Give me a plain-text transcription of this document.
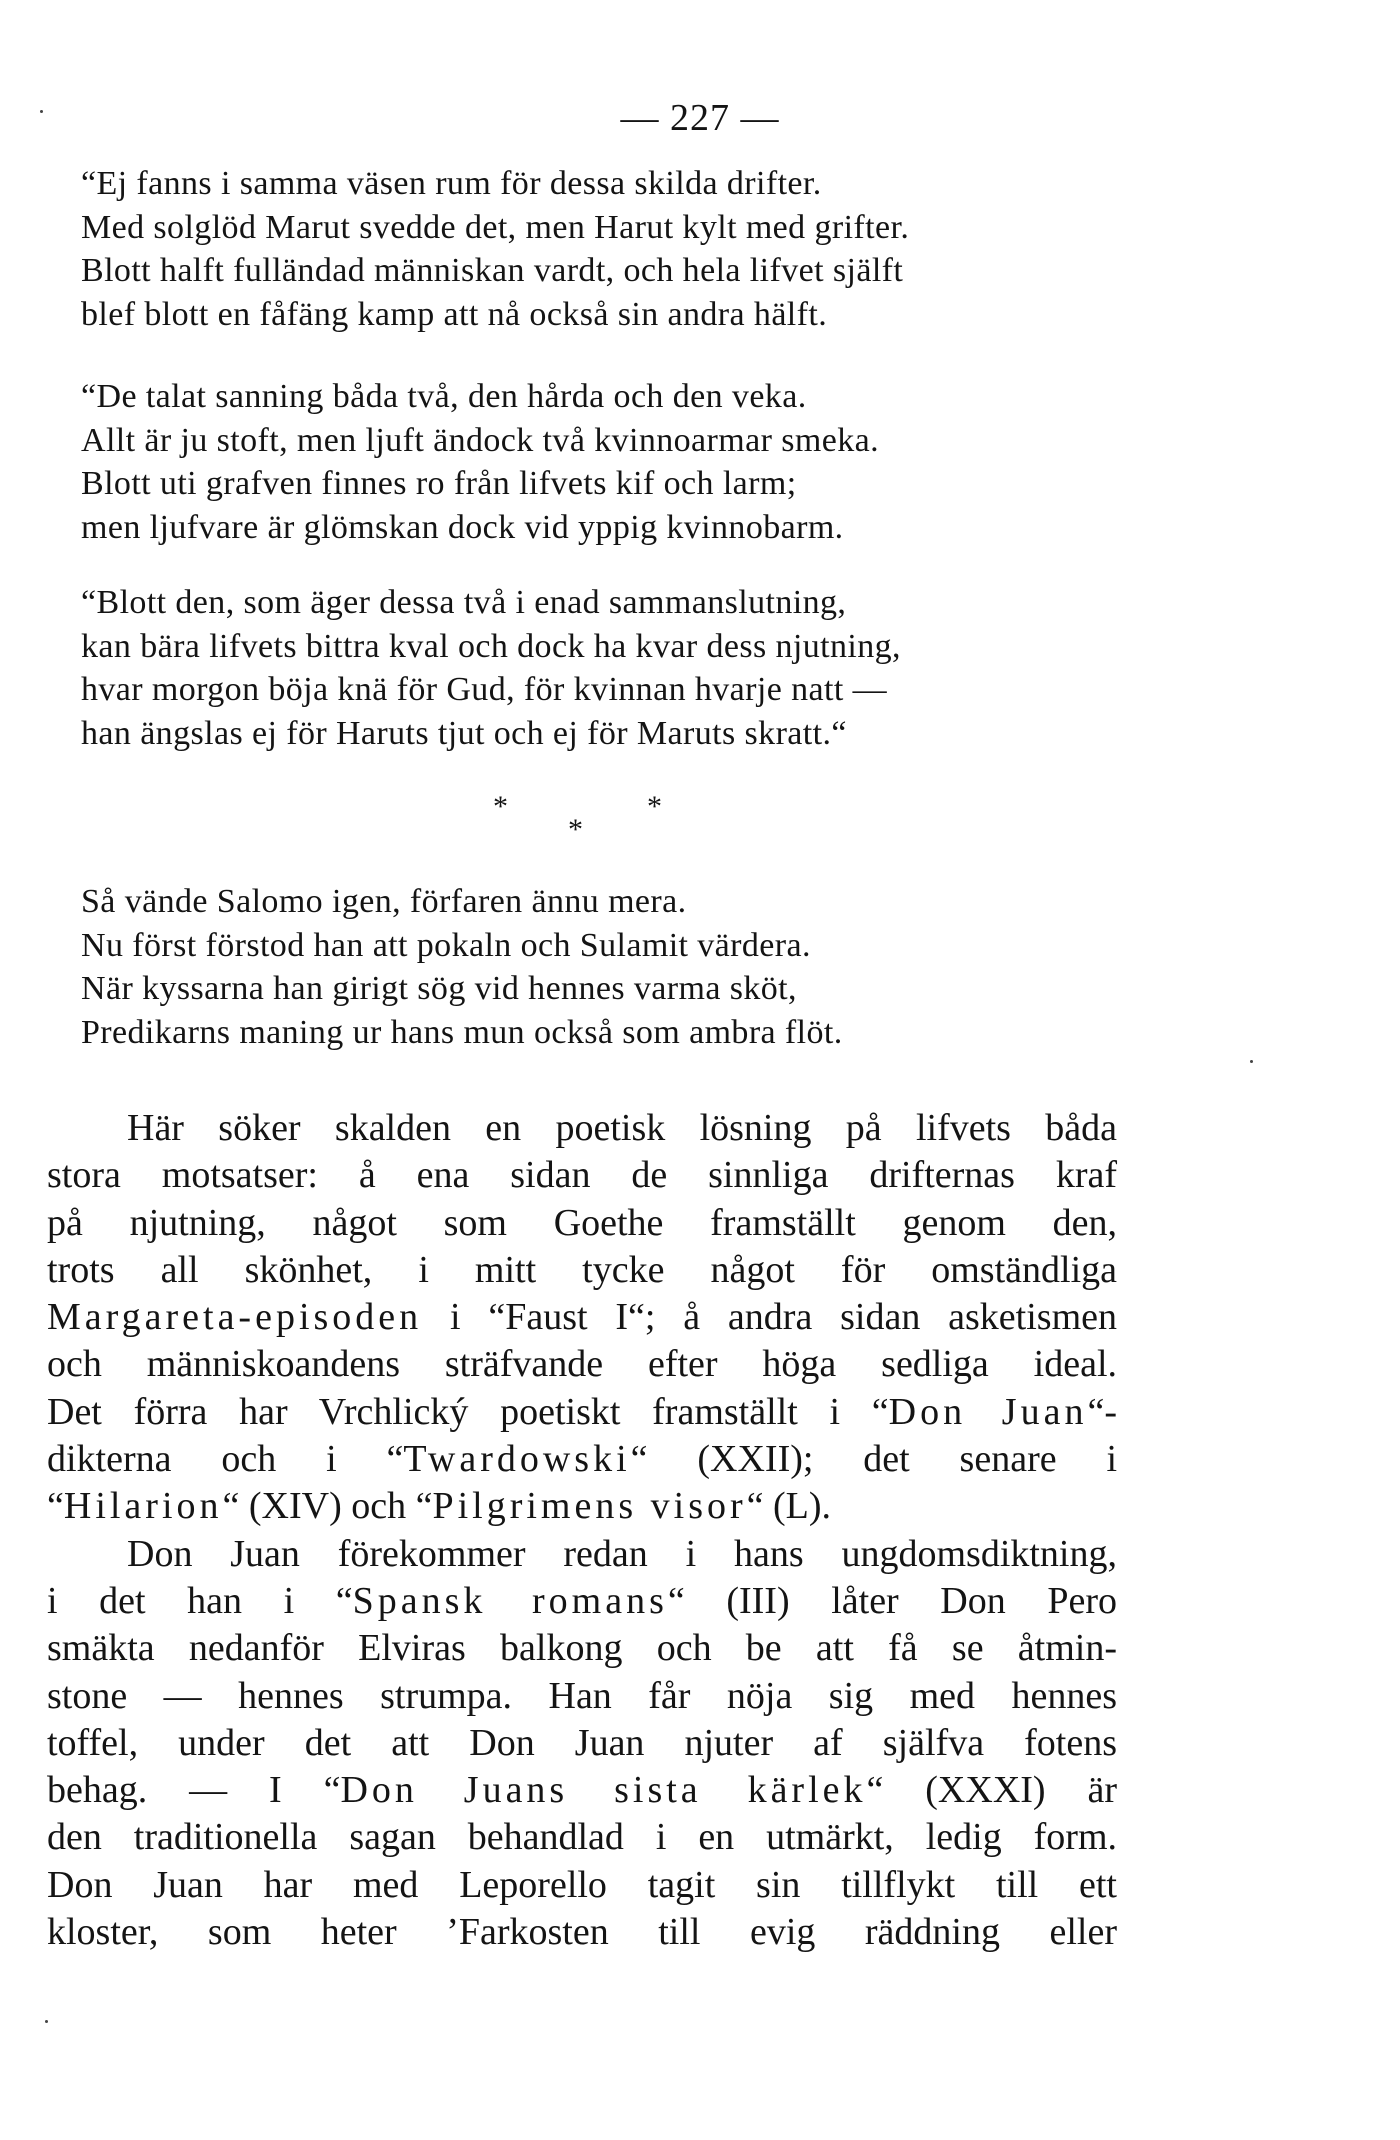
— 227 —
“Ej fanns i samma väsen rum för dessa skilda drifter.
Med solglöd Marut svedde det, men Harut kylt med grifter.
Blott halft fulländad människan vardt, och hela lifvet själft
blef blott en fåfäng kamp att nå också sin andra hälft.
“De talat sanning båda två, den hårda och den veka.
Allt är ju stoft, men ljuft ändock två kvinnoarmar smeka.
Blott uti grafven finnes ro från lifvets kif och larm;
men ljufvare är glömskan dock vid yppig kvinnobarm.
“Blott den, som äger dessa två i enad sammanslutning,
kan bära lifvets bittra kval och dock ha kvar dess njutning,
hvar morgon böja knä för Gud, för kvinnan hvarje natt —
han ängslas ej för Haruts tjut och ej för Maruts skratt.“
*	*
*
Så vände Salomo igen, förfaren ännu mera.
Nu först förstod han att pokaln och Sulamit värdera.
När kyssarna han girigt sög vid hennes varma sköt,
Predikarns maning ur hans mun också som ambra flöt.
Här söker skalden en poetisk lösning på lifvets båda
stora motsatser: å ena sidan de sinnliga drifternas kraf
på njutning, något som Goethe framställt genom den,
trots all skönhet, i mitt tycke något för omständliga
Margareta-episoden i “Faust I“; å andra sidan asketismen
och människoandens sträfvande efter höga sedliga ideal.
Det förra har Vrchlický poetiskt framställt i “Don Juan“-
dikterna och i “Twardowski“ (XXII); det senare i
“Hilarion“ (XIV) och “Pilgrimens visor“ (L).
Don Juan förekommer redan i hans ungdomsdiktning,
i det han i “Spansk romans“ (III) låter Don Pero
smäkta nedanför Elviras balkong och be att få se åtmin-
stone — hennes strumpa. Han får nöja sig med hennes
toffel, under det att Don Juan njuter af själfva fotens
behag. — I “Don Juans sista kärlek“ (XXXI) är
den traditionella sagan behandlad i en utmärkt, ledig form.
Don Juan har med Leporello tagit sin tillflykt till ett
kloster, som heter ’Farkosten till evig räddning eller
